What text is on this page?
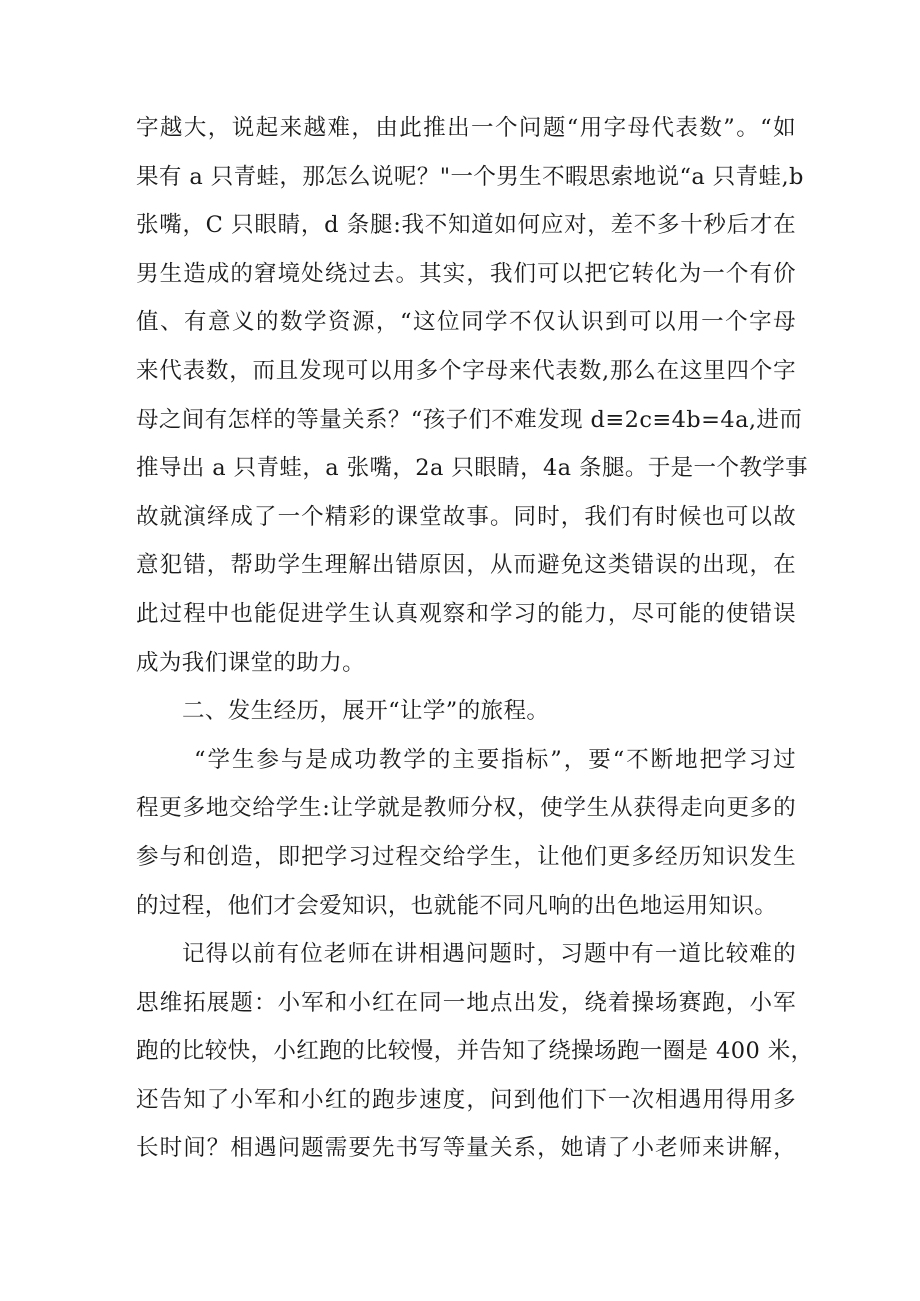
字越大，说起来越难，由此推出一个问题“用字母代表数”。“如
果有 a 只青蛙，那怎么说呢？"一个男生不暇思索地说“a 只青蛙,b
张嘴，C 只眼睛，d 条腿:我不知道如何应对，差不多十秒后才在
男生造成的窘境处绕过去。其实，我们可以把它转化为一个有价
值、有意义的数学资源，“这位同学不仅认识到可以用一个字母
来代表数，而且发现可以用多个字母来代表数,那么在这里四个字
母之间有怎样的等量关系？“孩子们不难发现 d≡2c≡4b=4a,进而
推导出 a 只青蛙，a 张嘴，2a 只眼睛，4a 条腿。于是一个教学事
故就演绎成了一个精彩的课堂故事。同时，我们有时候也可以故
意犯错，帮助学生理解出错原因，从而避免这类错误的出现，在
此过程中也能促进学生认真观察和学习的能力，尽可能的使错误
成为我们课堂的助力。
二、发生经历，展开“让学”的旅程。
“学生参与是成功教学的主要指标”，要“不断地把学习过
程更多地交给学生:让学就是教师分权，使学生从获得走向更多的
参与和创造，即把学习过程交给学生，让他们更多经历知识发生
的过程，他们才会爱知识，也就能不同凡响的出色地运用知识。
记得以前有位老师在讲相遇问题时，习题中有一道比较难的
思维拓展题：小军和小红在同一地点出发，绕着操场赛跑，小军
跑的比较快，小红跑的比较慢，并告知了绕操场跑一圈是 400 米，
还告知了小军和小红的跑步速度，问到他们下一次相遇用得用多
长时间？相遇问题需要先书写等量关系，她请了小老师来讲解，
